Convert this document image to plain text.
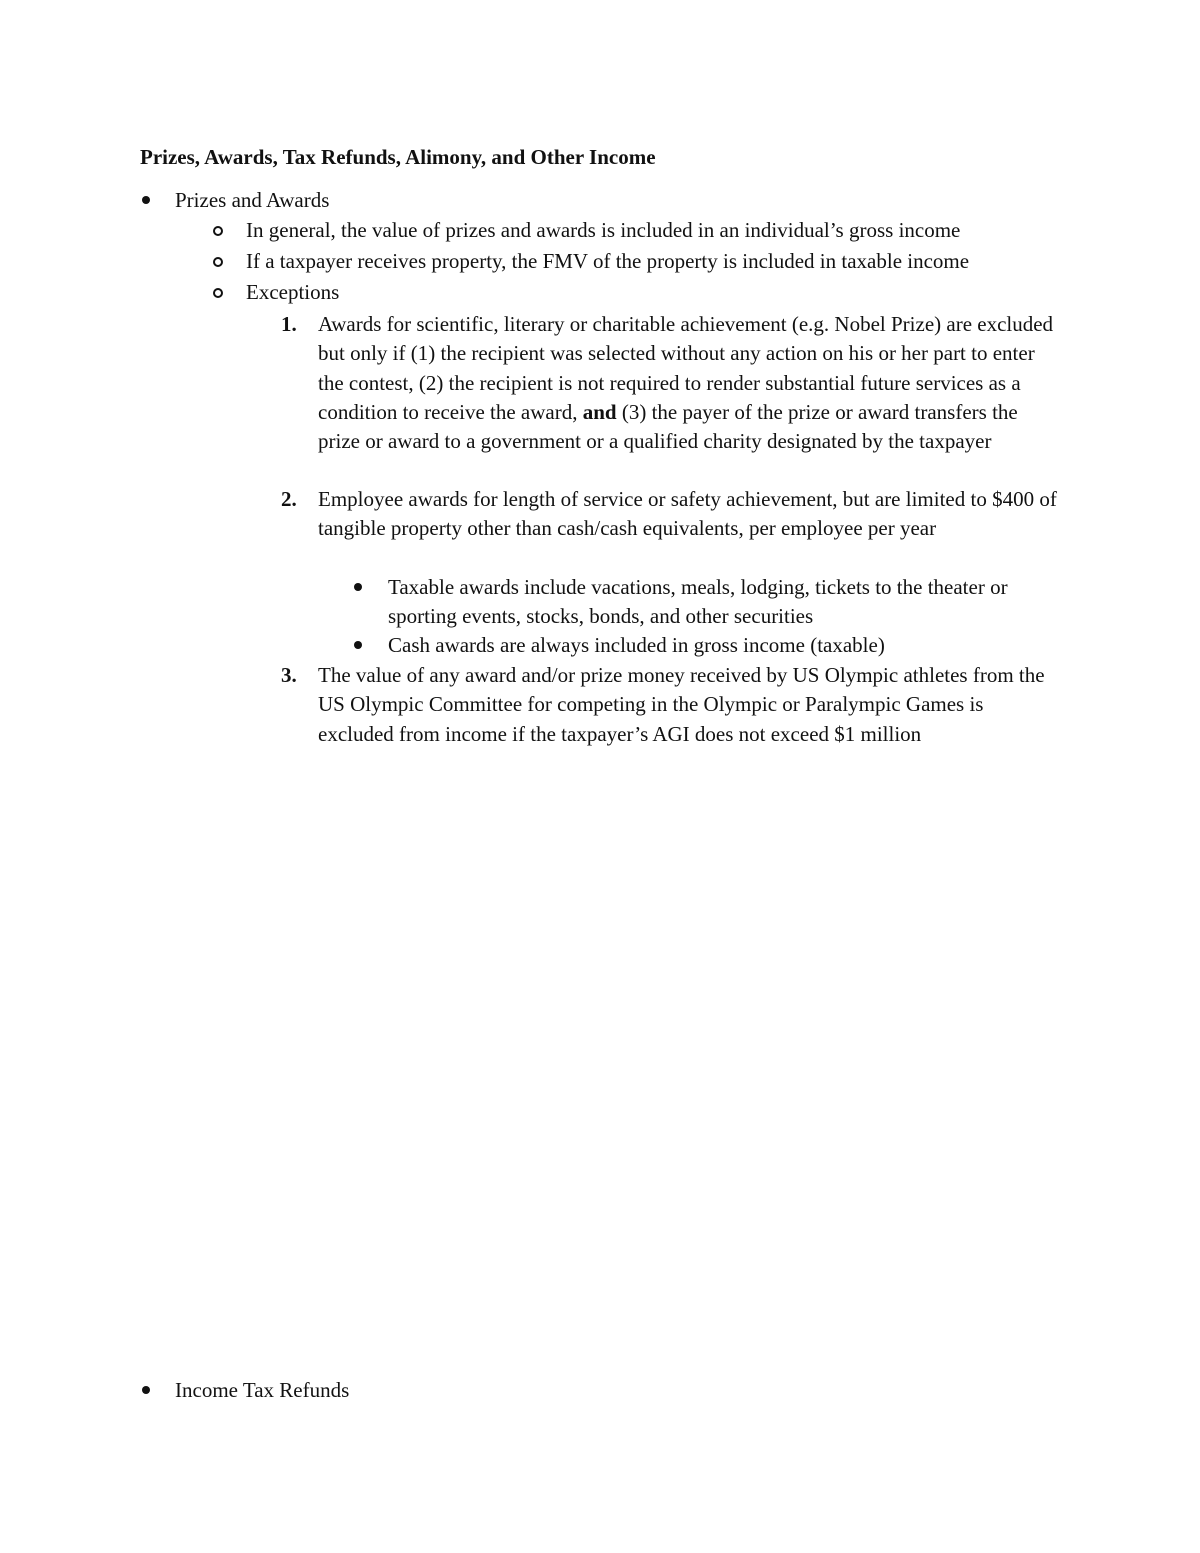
Prizes, Awards, Tax Refunds, Alimony, and Other Income
Prizes and Awards
In general, the value of prizes and awards is included in an individual’s gross income
If a taxpayer receives property, the FMV of the property is included in taxable income
Exceptions
1. Awards for scientific, literary or charitable achievement (e.g. Nobel Prize) are excluded but only if (1) the recipient was selected without any action on his or her part to enter the contest, (2) the recipient is not required to render substantial future services as a condition to receive the award, and (3) the payer of the prize or award transfers the prize or award to a government or a qualified charity designated by the taxpayer
2. Employee awards for length of service or safety achievement, but are limited to $400 of tangible property other than cash/cash equivalents, per employee per year
Taxable awards include vacations, meals, lodging, tickets to the theater or sporting events, stocks, bonds, and other securities
Cash awards are always included in gross income (taxable)
3. The value of any award and/or prize money received by US Olympic athletes from the US Olympic Committee for competing in the Olympic or Paralympic Games is excluded from income if the taxpayer’s AGI does not exceed $1 million
Income Tax Refunds
